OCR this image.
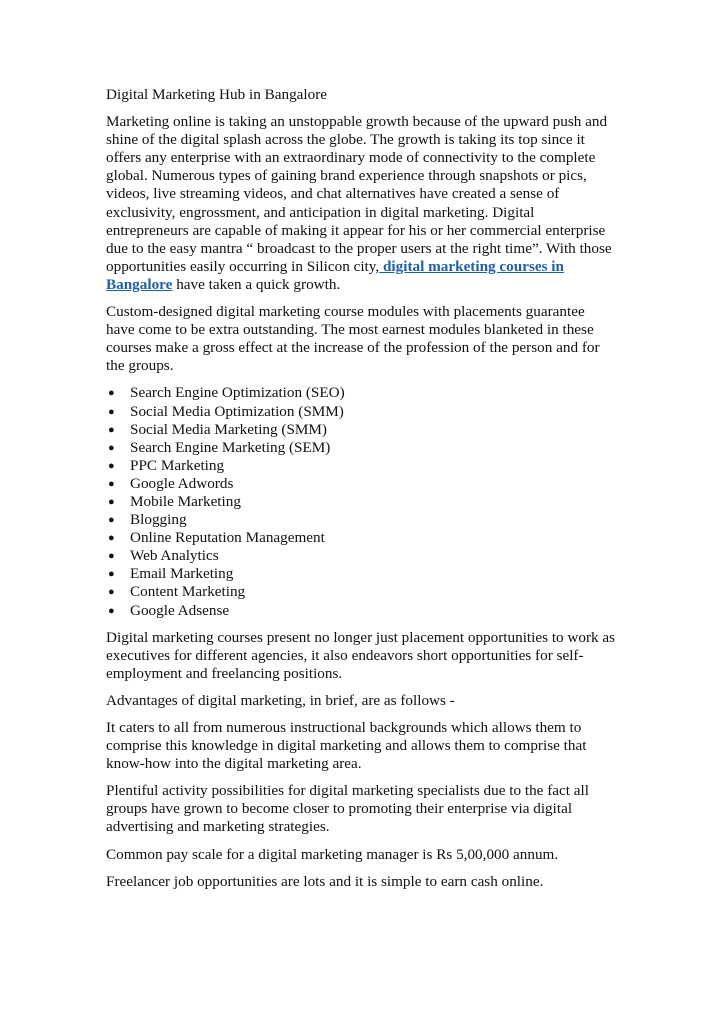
Digital Marketing Hub in Bangalore

Marketing online is taking an unstoppable growth because of the upward push and shine of the digital splash across the globe. The growth is taking its top since it offers any enterprise with an extraordinary mode of connectivity to the complete global. Numerous types of gaining brand experience through snapshots or pics, videos, live streaming videos, and chat alternatives have created a sense of exclusivity, engrossment, and anticipation in digital marketing. Digital entrepreneurs are capable of making it appear for his or her commercial enterprise due to the easy mantra “ broadcast to the proper users at the right time”. With those opportunities easily occurring in Silicon city, digital marketing courses in Bangalore have taken a quick growth.

Custom-designed digital marketing course modules with placements guarantee have come to be extra outstanding. The most earnest modules blanketed in these courses make a gross effect at the increase of the profession of the person and for the groups.

● Search Engine Optimization (SEO)
● Social Media Optimization (SMM)
● Social Media Marketing (SMM)
● Search Engine Marketing (SEM)
● PPC Marketing
● Google Adwords
● Mobile Marketing
● Blogging
● Online Reputation Management
● Web Analytics
● Email Marketing
● Content Marketing
● Google Adsense

Digital marketing courses present no longer just placement opportunities to work as executives for different agencies, it also endeavors short opportunities for self-employment and freelancing positions.

Advantages of digital marketing, in brief, are as follows -

It caters to all from numerous instructional backgrounds which allows them to comprise this knowledge in digital marketing and allows them to comprise that know-how into the digital marketing area.

Plentiful activity possibilities for digital marketing specialists due to the fact all groups have grown to become closer to promoting their enterprise via digital advertising and marketing strategies.

Common pay scale for a digital marketing manager is Rs 5,00,000 annum.

Freelancer job opportunities are lots and it is simple to earn cash online.
